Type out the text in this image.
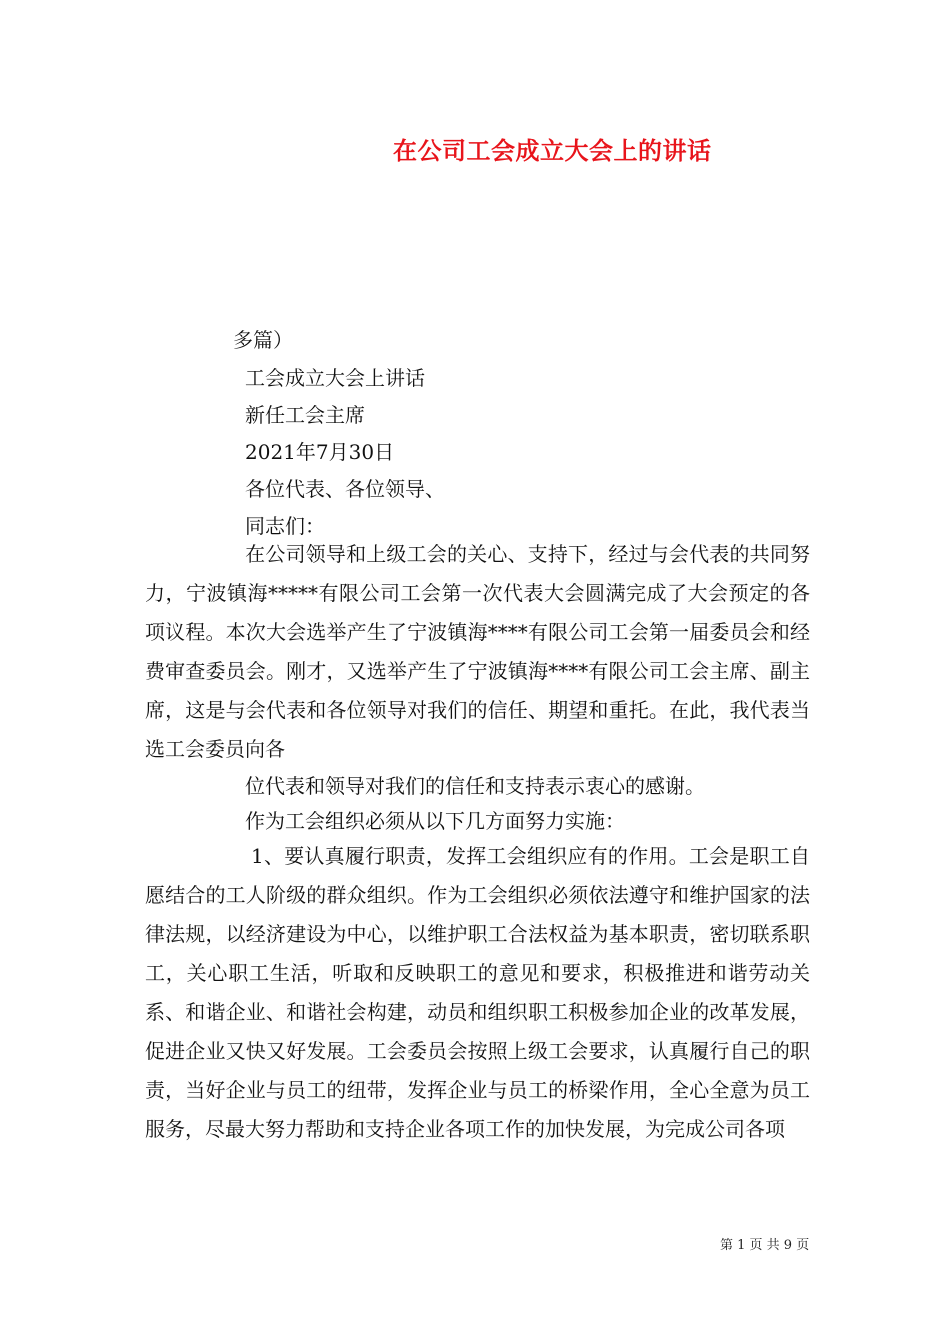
在公司工会成立大会上的讲话
多篇）
工会成立大会上讲话
新任工会主席
2021年7月30日
各位代表、各位领导、
同志们：
在公司领导和上级工会的关心、支持下，经过与会代表的共同努力，宁波镇海*****有限公司工会第一次代表大会圆满完成了大会预定的各项议程。本次大会选举产生了宁波镇海****有限公司工会第一届委员会和经费审查委员会。刚才，又选举产生了宁波镇海****有限公司工会主席、副主席，这是与会代表和各位领导对我们的信任、期望和重托。在此，我代表当选工会委员向各
位代表和领导对我们的信任和支持表示衷心的感谢。
作为工会组织必须从以下几方面努力实施：
1、要认真履行职责，发挥工会组织应有的作用。工会是职工自愿结合的工人阶级的群众组织。作为工会组织必须依法遵守和维护国家的法律法规，以经济建设为中心，以维护职工合法权益为基本职责，密切联系职工，关心职工生活，听取和反映职工的意见和要求，积极推进和谐劳动关系、和谐企业、和谐社会构建，动员和组织职工积极参加企业的改革发展，促进企业又快又好发展。工会委员会按照上级工会要求，认真履行自己的职责，当好企业与员工的纽带，发挥企业与员工的桥梁作用，全心全意为员工服务，尽最大努力帮助和支持企业各项工作的加快发展，为完成公司各项
第 1 页 共 9 页
